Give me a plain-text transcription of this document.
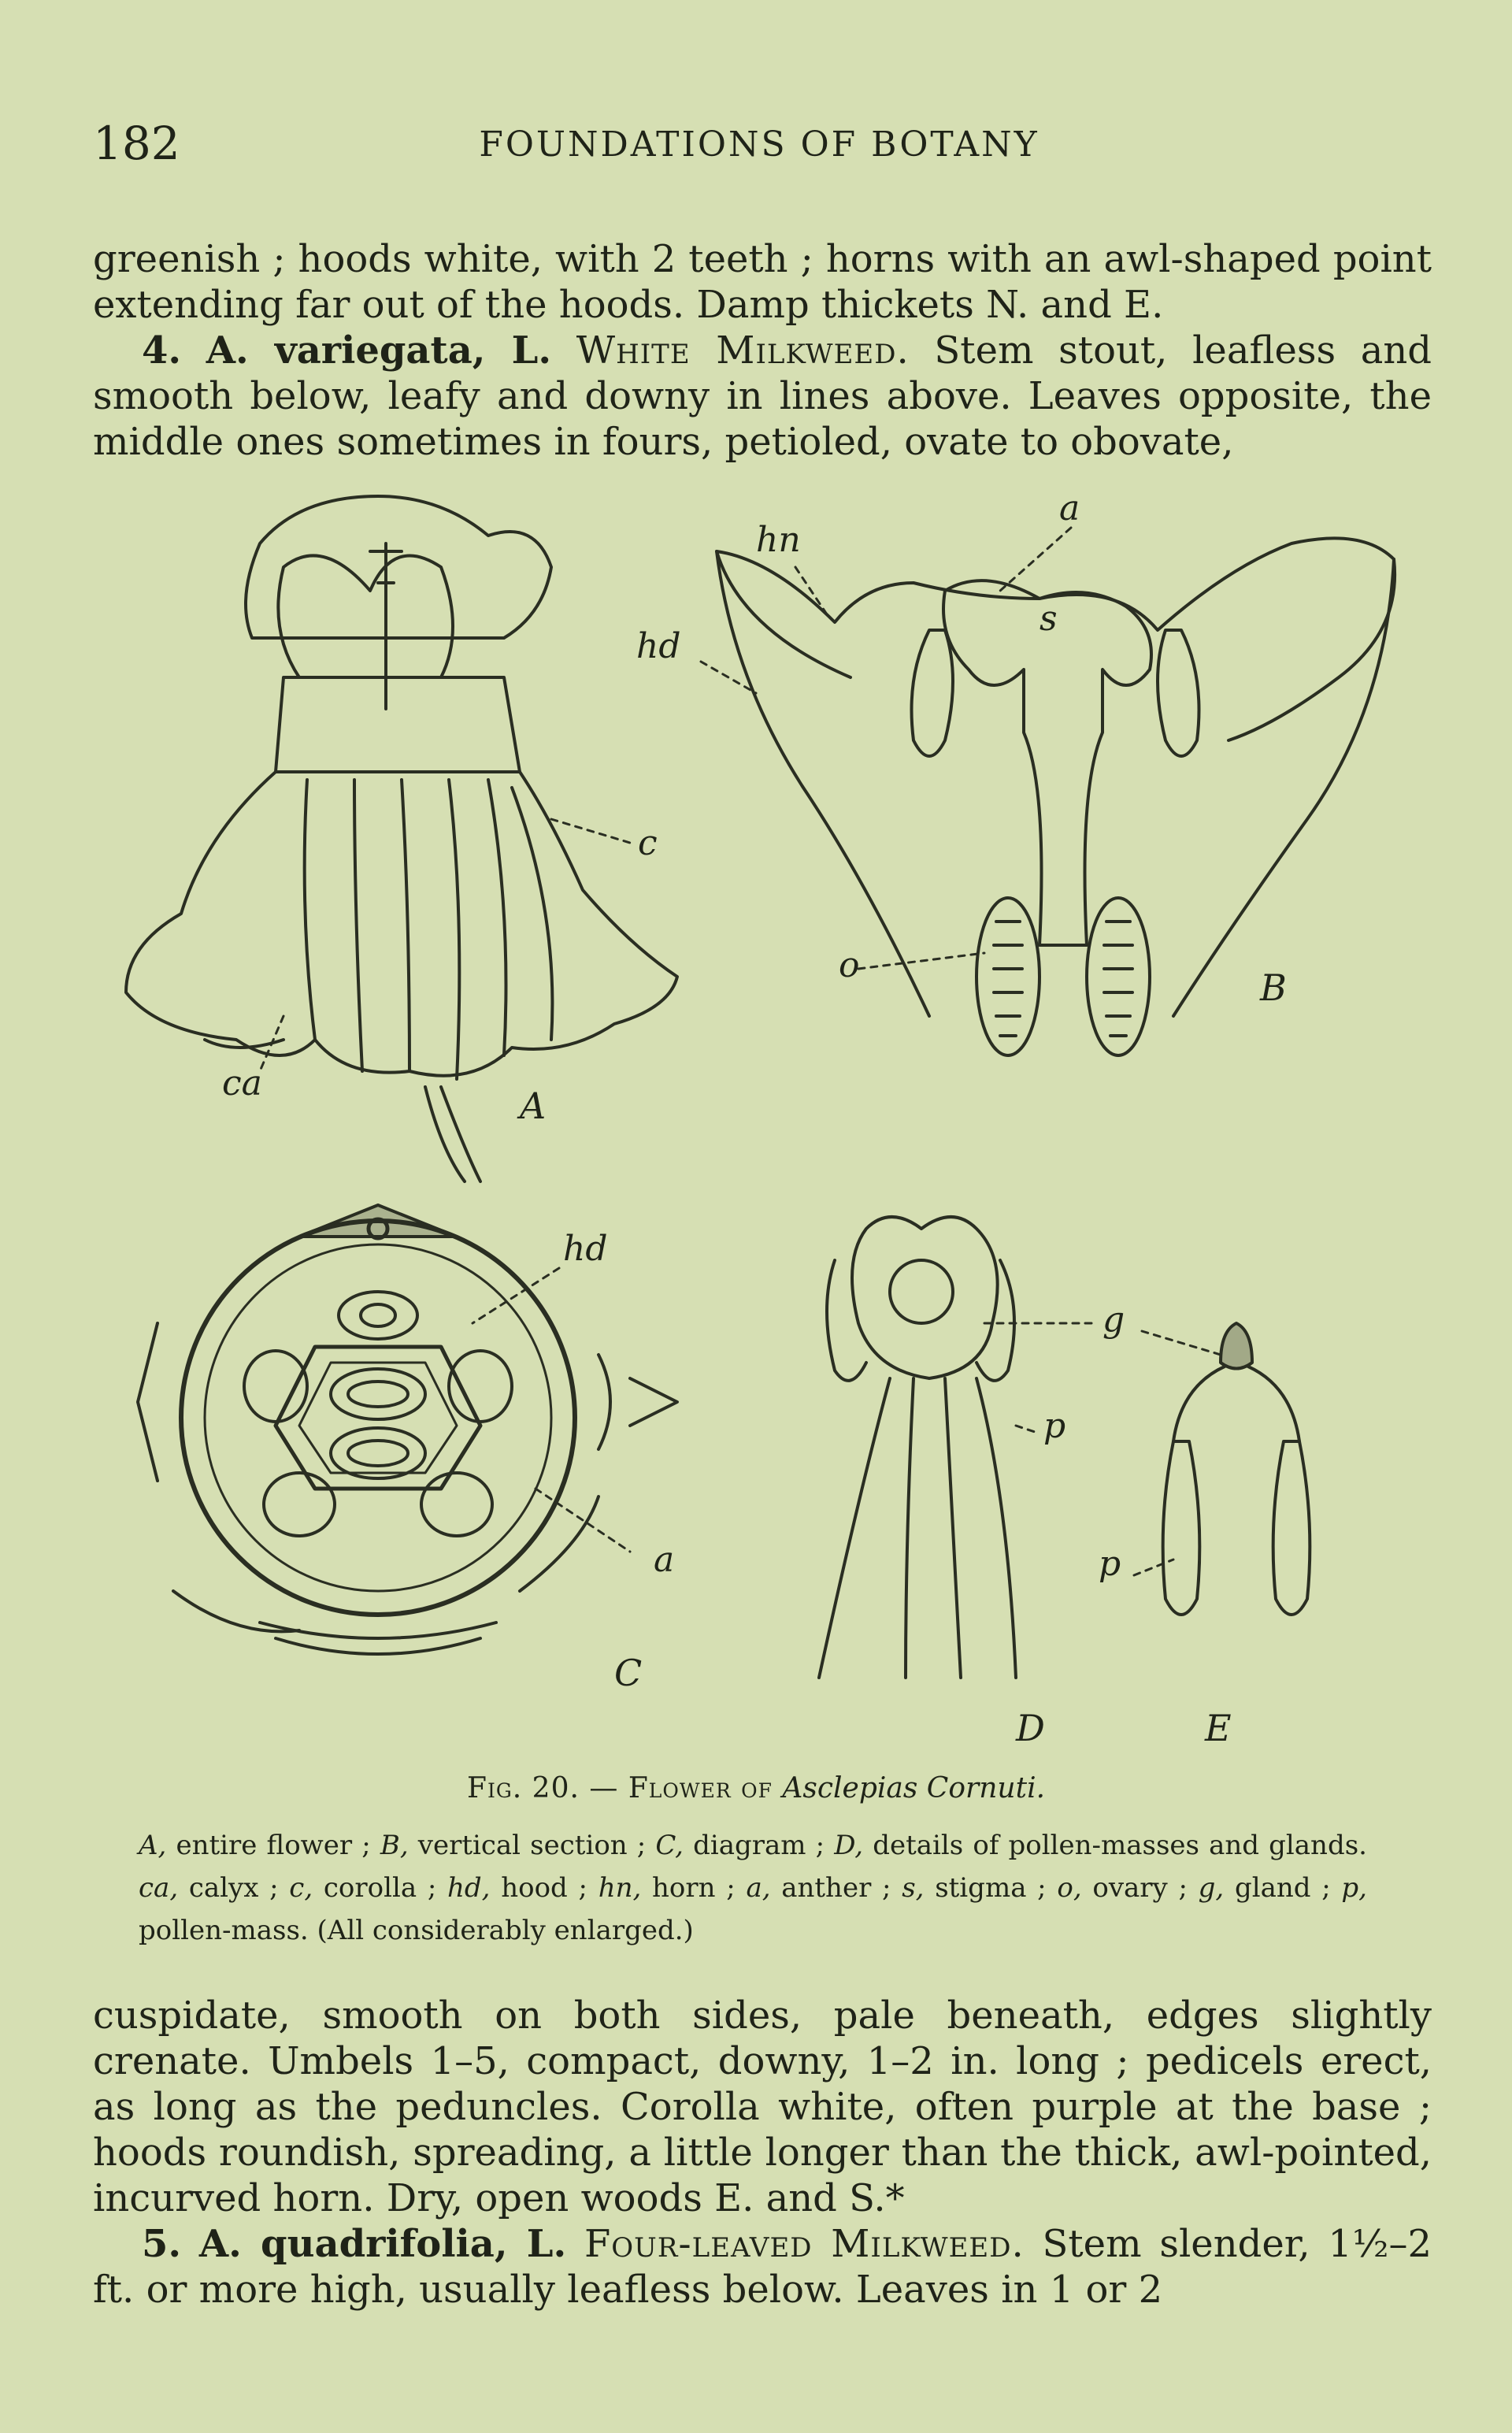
182	FOUNDATIONS OF BOTANY

greenish ; hoods white, with 2 teeth ; horns with an awl-shaped point extending far out of the hoods. Damp thickets N. and E.

4. A. variegata, L. White Milkweed. Stem stout, leafless and smooth below, leafy and downy in lines above. Leaves opposite, the middle ones sometimes in fours, petioled, ovate to obovate,

c
ca
A
hn
a
hd
s
o
B
hd
a
C
g
p
p
D	E
Fig. 20. — Flower of Asclepias Cornuti.
A, entire flower ; B, vertical section ; C, diagram ; D, details of pollen-masses and glands. ca, calyx ; c, corolla ; hd, hood ; hn, horn ; a, anther ; s, stigma ; o, ovary ; g, gland ; p, pollen-mass. (All considerably enlarged.)

cuspidate, smooth on both sides, pale beneath, edges slightly crenate. Umbels 1–5, compact, downy, 1–2 in. long ; pedicels erect, as long as the peduncles. Corolla white, often purple at the base ; hoods roundish, spreading, a little longer than the thick, awl-pointed, incurved horn. Dry, open woods E. and S.*

5. A. quadrifolia, L. Four-leaved Milkweed. Stem slender, 1½–2 ft. or more high, usually leafless below. Leaves in 1 or 2
